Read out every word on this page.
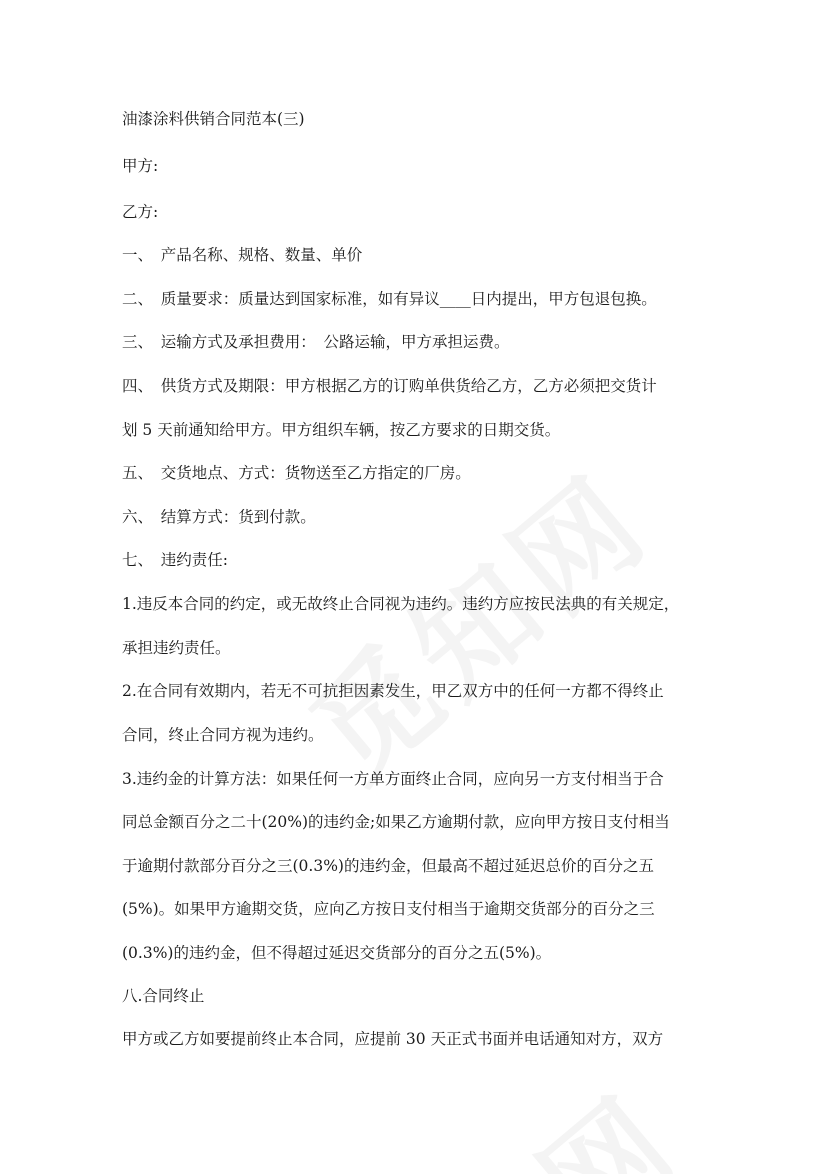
油漆涂料供销合同范本(三)
甲方:
乙方:
一、　产品名称、规格、数量、单价
二、　质量要求：质量达到国家标准，如有异议____日内提出，甲方包退包换。
三、　运输方式及承担费用：　公路运输，甲方承担运费。
四、　供货方式及期限：甲方根据乙方的订购单供货给乙方，乙方必须把交货计
划 5 天前通知给甲方。甲方组织车辆，按乙方要求的日期交货。
五、　交货地点、方式：货物送至乙方指定的厂房。
六、　结算方式：货到付款。
七、　违约责任:
1.违反本合同的约定，或无故终止合同视为违约。违约方应按民法典的有关规定，
承担违约责任。
2.在合同有效期内，若无不可抗拒因素发生，甲乙双方中的任何一方都不得终止
合同，终止合同方视为违约。
3.违约金的计算方法：如果任何一方单方面终止合同，应向另一方支付相当于合
同总金额百分之二十(20%)的违约金;如果乙方逾期付款，应向甲方按日支付相当
于逾期付款部分百分之三(0.3%)的违约金，但最高不超过延迟总价的百分之五
(5%)。如果甲方逾期交货，应向乙方按日支付相当于逾期交货部分的百分之三
(0.3%)的违约金，但不得超过延迟交货部分的百分之五(5%)。
八.合同终止
甲方或乙方如要提前终止本合同，应提前 30 天正式书面并电话通知对方，双方
